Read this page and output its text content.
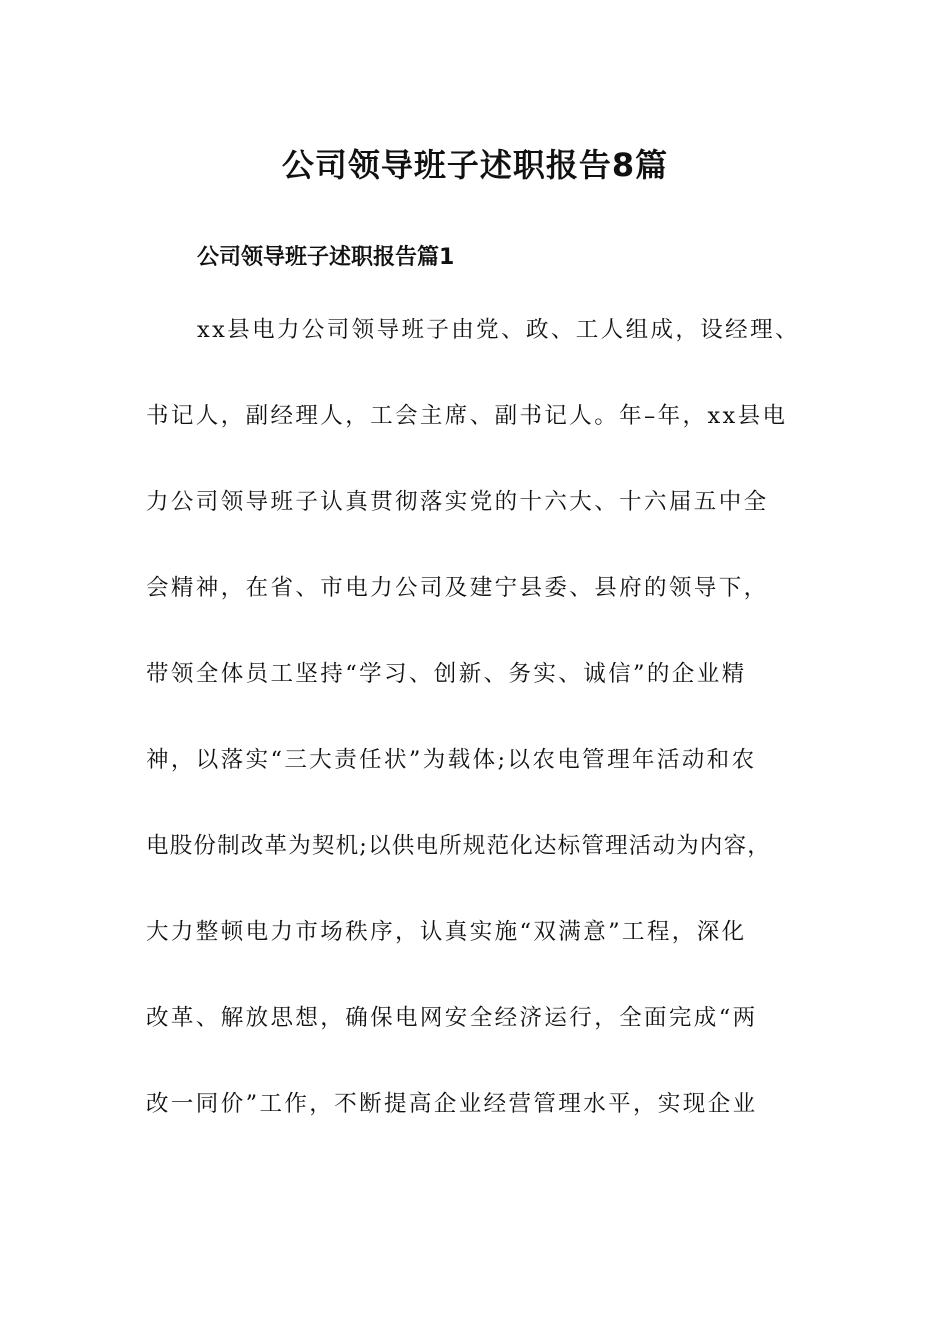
公司领导班子述职报告8篇
公司领导班子述职报告篇1

xx县电力公司领导班子由党、政、工人组成，设经理、

书记人，副经理人，工会主席、副书记人。年–年，xx县电

力公司领导班子认真贯彻落实党的十六大、十六届五中全

会精神，在省、市电力公司及建宁县委、县府的领导下，

带领全体员工坚持“学习、创新、务实、诚信”的企业精

神，以落实“三大责任状”为载体;以农电管理年活动和农

电股份制改革为契机;以供电所规范化达标管理活动为内容，

大力整顿电力市场秩序，认真实施“双满意”工程，深化

改革、解放思想，确保电网安全经济运行，全面完成“两

改一同价”工作，不断提高企业经营管理水平，实现企业
